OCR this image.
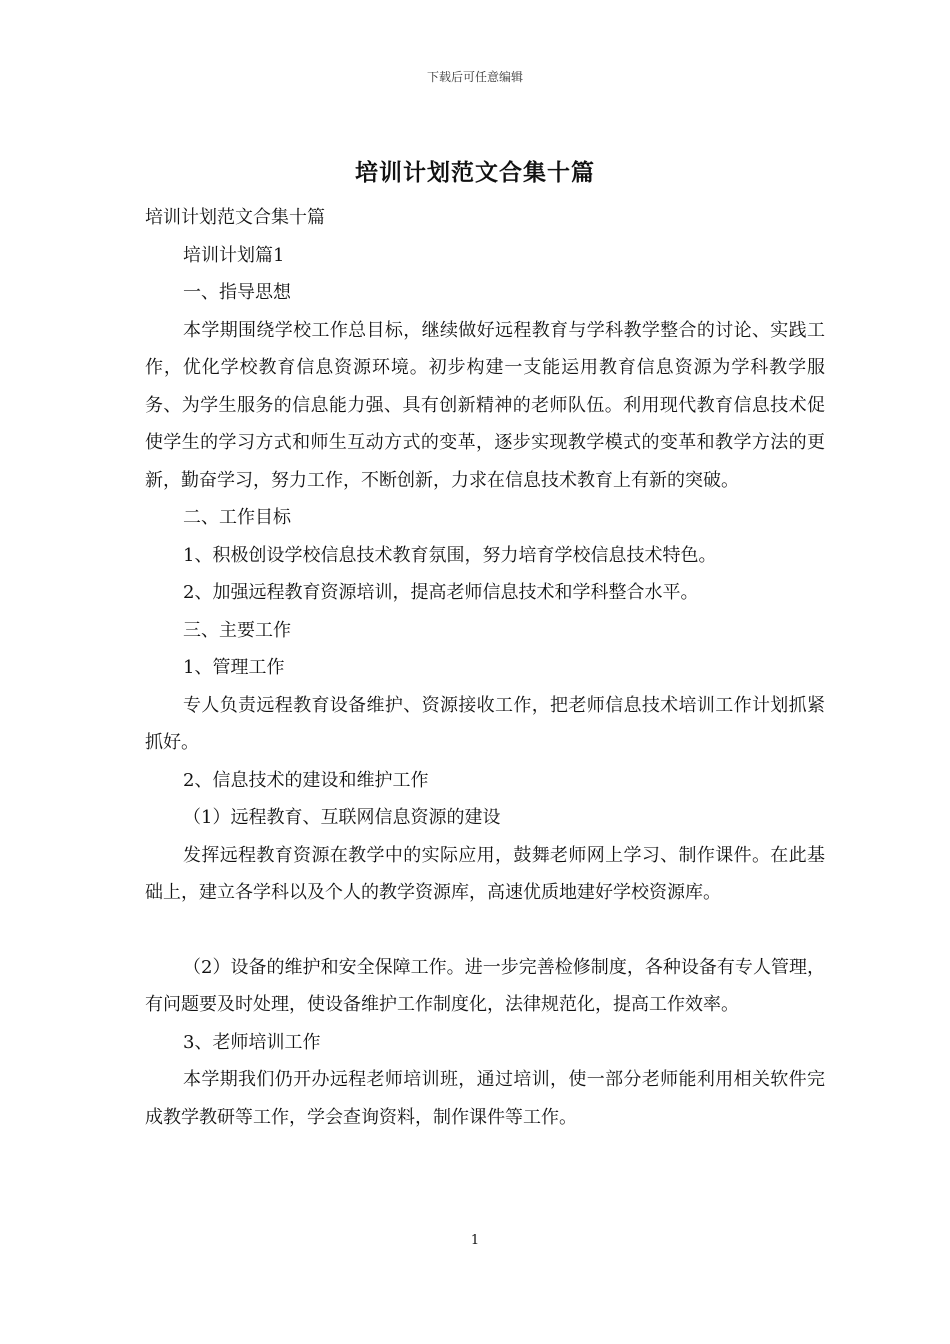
下载后可任意编辑
培训计划范文合集十篇

培训计划范文合集十篇

培训计划篇1

一、指导思想

本学期围绕学校工作总目标，继续做好远程教育与学科教学整合的讨论、实践工作，优化学校教育信息资源环境。初步构建一支能运用教育信息资源为学科教学服务、为学生服务的信息能力强、具有创新精神的老师队伍。利用现代教育信息技术促使学生的学习方式和师生互动方式的变革，逐步实现教学模式的变革和教学方法的更新，勤奋学习，努力工作，不断创新，力求在信息技术教育上有新的突破。

二、工作目标

1、积极创设学校信息技术教育氛围，努力培育学校信息技术特色。

2、加强远程教育资源培训，提高老师信息技术和学科整合水平。

三、主要工作

1、管理工作

专人负责远程教育设备维护、资源接收工作，把老师信息技术培训工作计划抓紧抓好。

2、信息技术的建设和维护工作

（1）远程教育、互联网信息资源的建设

发挥远程教育资源在教学中的实际应用，鼓舞老师网上学习、制作课件。在此基础上，建立各学科以及个人的教学资源库，高速优质地建好学校资源库。

（2）设备的维护和安全保障工作。进一步完善检修制度，各种设备有专人管理，有问题要及时处理，使设备维护工作制度化，法律规范化，提高工作效率。

3、老师培训工作

本学期我们仍开办远程老师培训班，通过培训，使一部分老师能利用相关软件完成教学教研等工作，学会查询资料，制作课件等工作。

1
